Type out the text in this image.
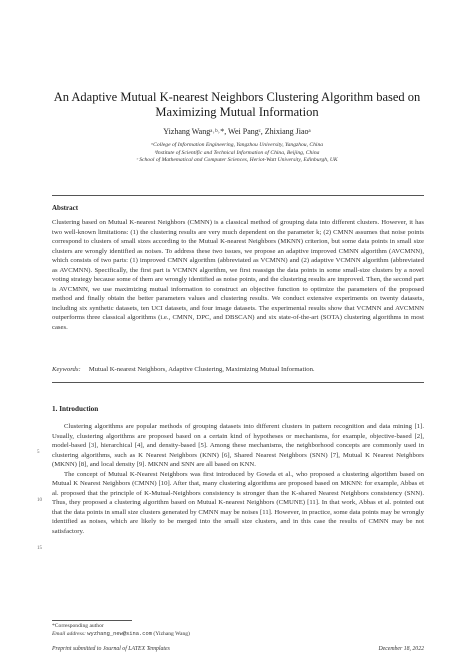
An Adaptive Mutual K-nearest Neighbors Clustering Algorithm based on Maximizing Mutual Information
Yizhang Wangᵃ˒ᵇ˒*, Wei Pangᶜ, Zhixiang Jiaoᵃ
ᵃCollege of Information Engineering, Yangzhou University, Yangzhou, China
ᵇInstitute of Scientific and Technical Information of China, Beijing, China
ᶜ School of Mathematical and Computer Sciences, Heriot-Watt University, Edinburgh, UK
Abstract
Clustering based on Mutual K-nearest Neighbors (CMNN) is a classical method of grouping data into different clusters. However, it has two well-known limitations: (1) the clustering results are very much dependent on the parameter k; (2) CMNN assumes that noise points correspond to clusters of small sizes according to the Mutual K-nearest Neighbors (MKNN) criterion, but some data points in small size clusters are wrongly identified as noises. To address these two issues, we propose an adaptive improved CMNN algorithm (AVCMNN), which consists of two parts: (1) improved CMNN algorithm (abbreviated as VCMNN) and (2) adaptive VCMNN algorithm (abbreviated as AVCMNN). Specifically, the first part is VCMNN algorithm, we first reassign the data points in some small-size clusters by a novel voting strategy because some of them are wrongly identified as noise points, and the clustering results are improved. Then, the second part is AVCMNN, we use maximizing mutual information to construct an objective function to optimize the parameters of the proposed method and finally obtain the better parameters values and clustering results. We conduct extensive experiments on twenty datasets, including six synthetic datasets, ten UCI datasets, and four image datasets. The experimental results show that VCMNN and AVCMNN outperforms three classical algorithms (i.e., CMNN, DPC, and DBSCAN) and six state-of-the-art (SOTA) clustering algorithms in most cases.
Keywords: Mutual K-nearest Neighbors, Adaptive Clustering, Maximizing Mutual Information.
1. Introduction
5
10
15

Clustering algorithms are popular methods of grouping datasets into different clusters in pattern recognition and data mining [1]. Usually, clustering algorithms are proposed based on a certain kind of hypotheses or mechanisms, for example, objective-based [2], model-based [3], hierarchical [4], and density-based [5]. Among these mechanisms, the neighborhood concepts are commonly used in clustering algorithms, such as K Nearest Neighbors (KNN) [6], Shared Nearest Neighbors (SNN) [7], Mutual K Nearest Neighbors (MKNN) [8], and local density [9]. MKNN and SNN are all based on KNN.

The concept of Mutual K-Nearest Neighbors was first introduced by Gowda et al., who proposed a clustering algorithm based on Mutual K Nearest Neighbors (CMNN) [10]. After that, many clustering algorithms are proposed based on MKNN: for example, Abbas et al. proposed that the principle of K-Mutual-Neighbors consistency is stronger than the K-shared Nearest Neighbors consistency (SNN). Thus, they proposed a clustering algorithm based on Mutual K-nearest Neighbors (CMUNE) [11]. In that work, Abbas et al. pointed out that the data points in small size clusters generated by CMNN may be noises [11]. However, in practice, some data points may be wrongly identified as noises, which are likely to be merged into the small size clusters, and in this case the results of CMNN may be not satisfactory.

*Corresponding author
Email address: wyzhang_new@sina.com (Yizhang Wang)
Preprint submitted to Journal of LATEX Templates	December 18, 2022
